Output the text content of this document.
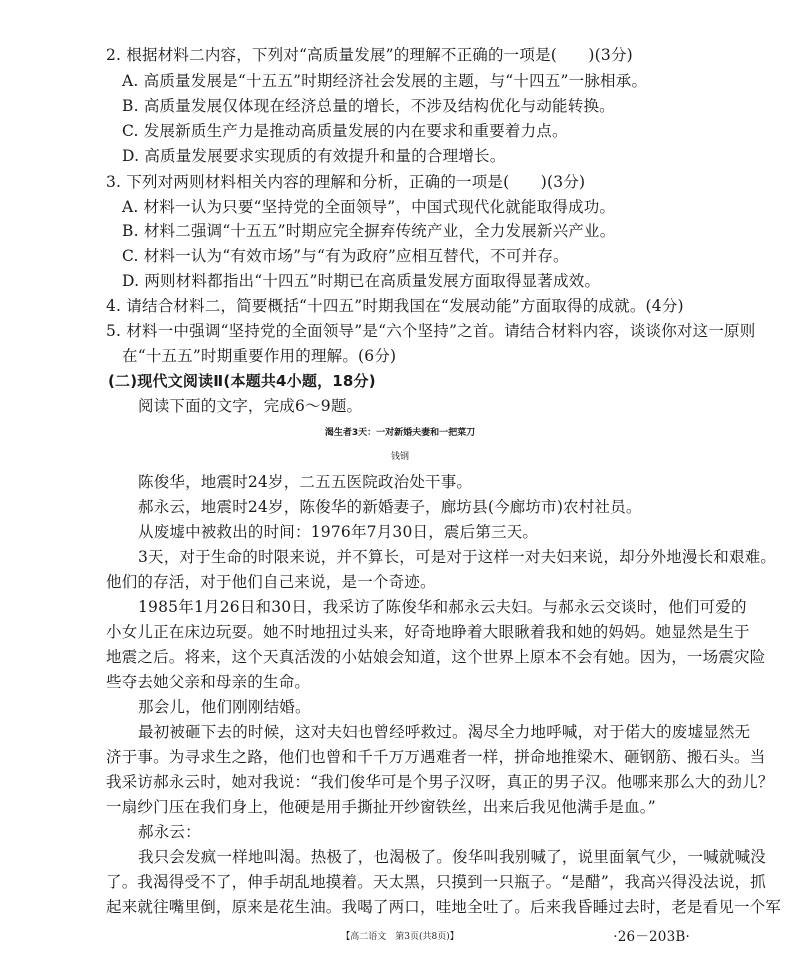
2. 根据材料二内容，下列对“高质量发展”的理解不正确的一项是(　　)(3分)
A. 高质量发展是“十五五”时期经济社会发展的主题，与“十四五”一脉相承。
B. 高质量发展仅体现在经济总量的增长，不涉及结构优化与动能转换。
C. 发展新质生产力是推动高质量发展的内在要求和重要着力点。
D. 高质量发展要求实现质的有效提升和量的合理增长。
3. 下列对两则材料相关内容的理解和分析，正确的一项是(　　)(3分)
A. 材料一认为只要“坚持党的全面领导”，中国式现代化就能取得成功。
B. 材料二强调“十五五”时期应完全摒弃传统产业，全力发展新兴产业。
C. 材料一认为“有效市场”与“有为政府”应相互替代，不可并存。
D. 两则材料都指出“十四五”时期已在高质量发展方面取得显著成效。
4. 请结合材料二，简要概括“十四五”时期我国在“发展动能”方面取得的成就。(4分)
5. 材料一中强调“坚持党的全面领导”是“六个坚持”之首。请结合材料内容，谈谈你对这一原则
在“十五五”时期重要作用的理解。(6分)
(二)现代文阅读Ⅱ(本题共4小题，18分)
阅读下面的文字，完成6～9题。
渴生者3天：一对新婚夫妻和一把菜刀
钱钢
陈俊华，地震时24岁，二五五医院政治处干事。
郝永云，地震时24岁，陈俊华的新婚妻子，廊坊县(今廊坊市)农村社员。
从废墟中被救出的时间：1976年7月30日，震后第三天。
3天，对于生命的时限来说，并不算长，可是对于这样一对夫妇来说，却分外地漫长和艰难。
他们的存活，对于他们自己来说，是一个奇迹。
1985年1月26日和30日，我采访了陈俊华和郝永云夫妇。与郝永云交谈时，他们可爱的
小女儿正在床边玩耍。她不时地扭过头来，好奇地睁着大眼瞅着我和她的妈妈。她显然是生于
地震之后。将来，这个天真活泼的小姑娘会知道，这个世界上原本不会有她。因为，一场震灾险
些夺去她父亲和母亲的生命。
那会儿，他们刚刚结婚。
最初被砸下去的时候，这对夫妇也曾经呼救过。渴尽全力地呼喊，对于偌大的废墟显然无
济于事。为寻求生之路，他们也曾和千千万万遇难者一样，拼命地推梁木、砸钢筋、搬石头。当
我采访郝永云时，她对我说：“我们俊华可是个男子汉呀，真正的男子汉。他哪来那么大的劲儿？
一扇纱门压在我们身上，他硬是用手撕扯开纱窗铁丝，出来后我见他满手是血。”
郝永云：
我只会发疯一样地叫渴。热极了，也渴极了。俊华叫我别喊了，说里面氧气少，一喊就喊没
了。我渴得受不了，伸手胡乱地摸着。天太黑，只摸到一只瓶子。“是醋”，我高兴得没法说，抓
起来就往嘴里倒，原来是花生油。我喝了两口，哇地全吐了。后来我昏睡过去时，老是看见一个军
【高二语文　第3页(共8页)】	·26－203B·
